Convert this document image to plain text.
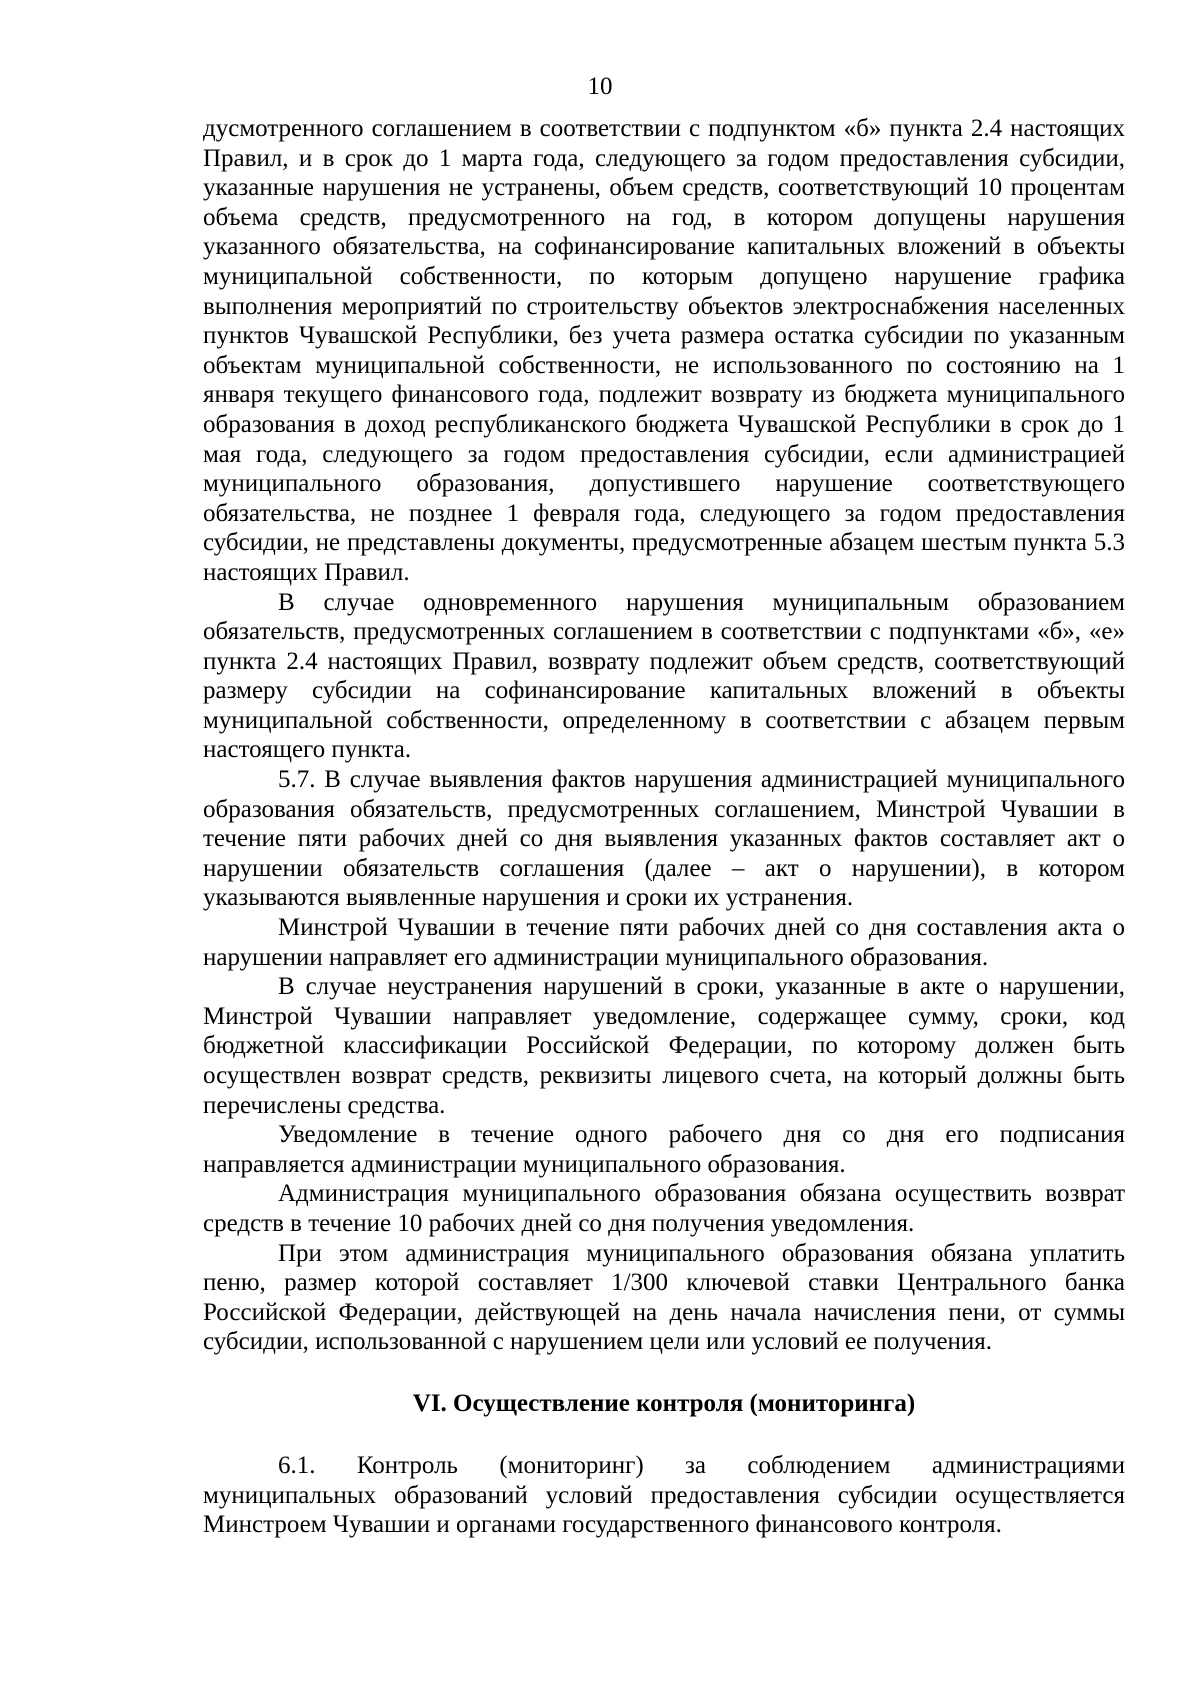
10

дусмотренного соглашением в соответствии с подпунктом «б» пункта 2.4 настоящих Правил, и в срок до 1 марта года, следующего за годом предоставления субсидии, указанные нарушения не устранены, объем средств, соответствующий 10 процентам объема средств, предусмотренного на год, в котором допущены нарушения указанного обязательства, на софинансирование капитальных вложений в объекты муниципальной собственности, по которым допущено нарушение графика выполнения мероприятий по строительству объектов электроснабжения населенных пунктов Чувашской Республики, без учета размера остатка субсидии по указанным объектам муниципальной собственности, не использованного по состоянию на 1 января текущего финансового года, подлежит возврату из бюджета муниципального образования в доход республиканского бюджета Чувашской Республики в срок до 1 мая года, следующего за годом предоставления субсидии, если администрацией муниципального образования, допустившего нарушение соответствующего обязательства, не позднее 1 февраля года, следующего за годом предоставления субсидии, не представлены документы, предусмотренные абзацем шестым пункта 5.3 настоящих Правил.

В случае одновременного нарушения муниципальным образованием обязательств, предусмотренных соглашением в соответствии с подпунктами «б», «е» пункта 2.4 настоящих Правил, возврату подлежит объем средств, соответствующий размеру субсидии на софинансирование капитальных вложений в объекты муниципальной собственности, определенному в соответствии с абзацем первым настоящего пункта.

5.7. В случае выявления фактов нарушения администрацией муниципального образования обязательств, предусмотренных соглашением, Минстрой Чувашии в течение пяти рабочих дней со дня выявления указанных фактов составляет акт о нарушении обязательств соглашения (далее – акт о нарушении), в котором указываются выявленные нарушения и сроки их устранения.

Минстрой Чувашии в течение пяти рабочих дней со дня составления акта о нарушении направляет его администрации муниципального образования.

В случае неустранения нарушений в сроки, указанные в акте о нарушении, Минстрой Чувашии направляет уведомление, содержащее сумму, сроки, код бюджетной классификации Российской Федерации, по которому должен быть осуществлен возврат средств, реквизиты лицевого счета, на который должны быть перечислены средства.

Уведомление в течение одного рабочего дня со дня его подписания направляется администрации муниципального образования.

Администрация муниципального образования обязана осуществить возврат средств в течение 10 рабочих дней со дня получения уведомления.

При этом администрация муниципального образования обязана уплатить пеню, размер которой составляет 1/300 ключевой ставки Центрального банка Российской Федерации, действующей на день начала начисления пени, от суммы субсидии, использованной с нарушением цели или условий ее получения.

VI. Осуществление контроля (мониторинга)

6.1. Контроль (мониторинг) за соблюдением администрациями муниципальных образований условий предоставления субсидии осуществляется Минстроем Чувашии и органами государственного финансового контроля.
